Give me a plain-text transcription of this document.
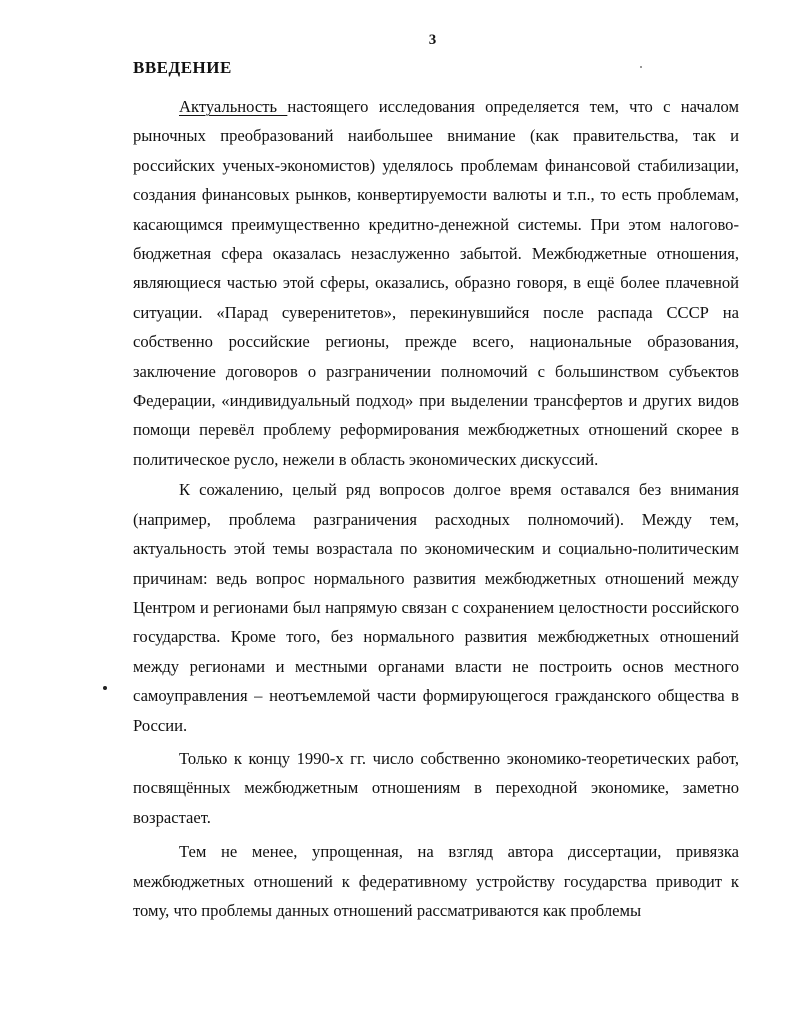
3
ВВЕДЕНИЕ

Актуальность настоящего исследования определяется тем, что с началом рыночных преобразований наибольшее внимание (как правительства, так и российских ученых-экономистов) уделялось проблемам финансовой стабилизации, создания финансовых рынков, конвертируемости валюты и т.п., то есть проблемам, касающимся преимущественно кредитно-денежной системы. При этом налогово-бюджетная сфера оказалась незаслуженно забытой. Межбюджетные отношения, являющиеся частью этой сферы, оказались, образно говоря, в ещё более плачевной ситуации. «Парад суверенитетов», перекинувшийся после распада СССР на собственно российские регионы, прежде всего, национальные образования, заключение договоров о разграничении полномочий с большинством субъектов Федерации, «индивидуальный подход» при выделении трансфертов и других видов помощи перевёл проблему реформирования межбюджетных отношений скорее в политическое русло, нежели в область экономических дискуссий.

К сожалению, целый ряд вопросов долгое время оставался без внимания (например, проблема разграничения расходных полномочий). Между тем, актуальность этой темы возрастала по экономическим и социально-политическим причинам: ведь вопрос нормального развития межбюджетных отношений между Центром и регионами был напрямую связан с сохранением целостности российского государства. Кроме того, без нормального развития межбюджетных отношений между регионами и местными органами власти не построить основ местного самоуправления – неотъемлемой части формирующегося гражданского общества в России.

Только к концу 1990-х гг. число собственно экономико-теоретических работ, посвящённых межбюджетным отношениям в переходной экономике, заметно возрастает.

Тем не менее, упрощенная, на взгляд автора диссертации, привязка межбюджетных отношений к федеративному устройству государства приводит к тому, что проблемы данных отношений рассматриваются как проблемы
